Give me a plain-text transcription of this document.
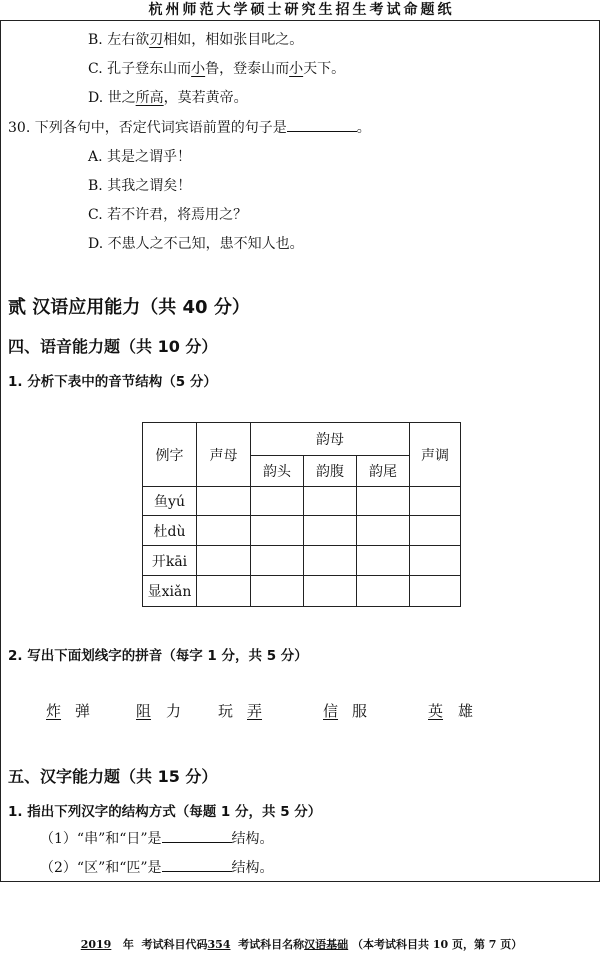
杭州师范大学硕士研究生招生考试命题纸
B. 左右欲刃相如，相如张目叱之。
C. 孔子登东山而小鲁，登泰山而小天下。
D. 世之所高，莫若黄帝。
30. 下列各句中，否定代词宾语前置的句子是	。
A. 其是之谓乎！
B. 其我之谓矣！
C. 若不许君，将焉用之？
D. 不患人之不己知，患不知人也。
贰 汉语应用能力（共 40 分）
四、语音能力题（共 10 分）
1. 分析下表中的音节结构（5 分）
例字	声母	韵母			声调
		韵头	韵腹	韵尾	
鱼yú					
杜dù					
开kāi					
显xiǎn					
2. 写出下面划线字的拼音（每字 1 分，共 5 分）
炸 弹	阻 力 玩 弄	信 服	英 雄
五、汉字能力题（共 15 分）
1. 指出下列汉字的结构方式（每题 1 分，共 5 分）
（1）“串”和“日”是	结构。
（2）“区”和“匹”是	结构。
2019 年 考试科目代码354 考试科目名称汉语基础 （本考试科目共 10 页，第 7 页）
